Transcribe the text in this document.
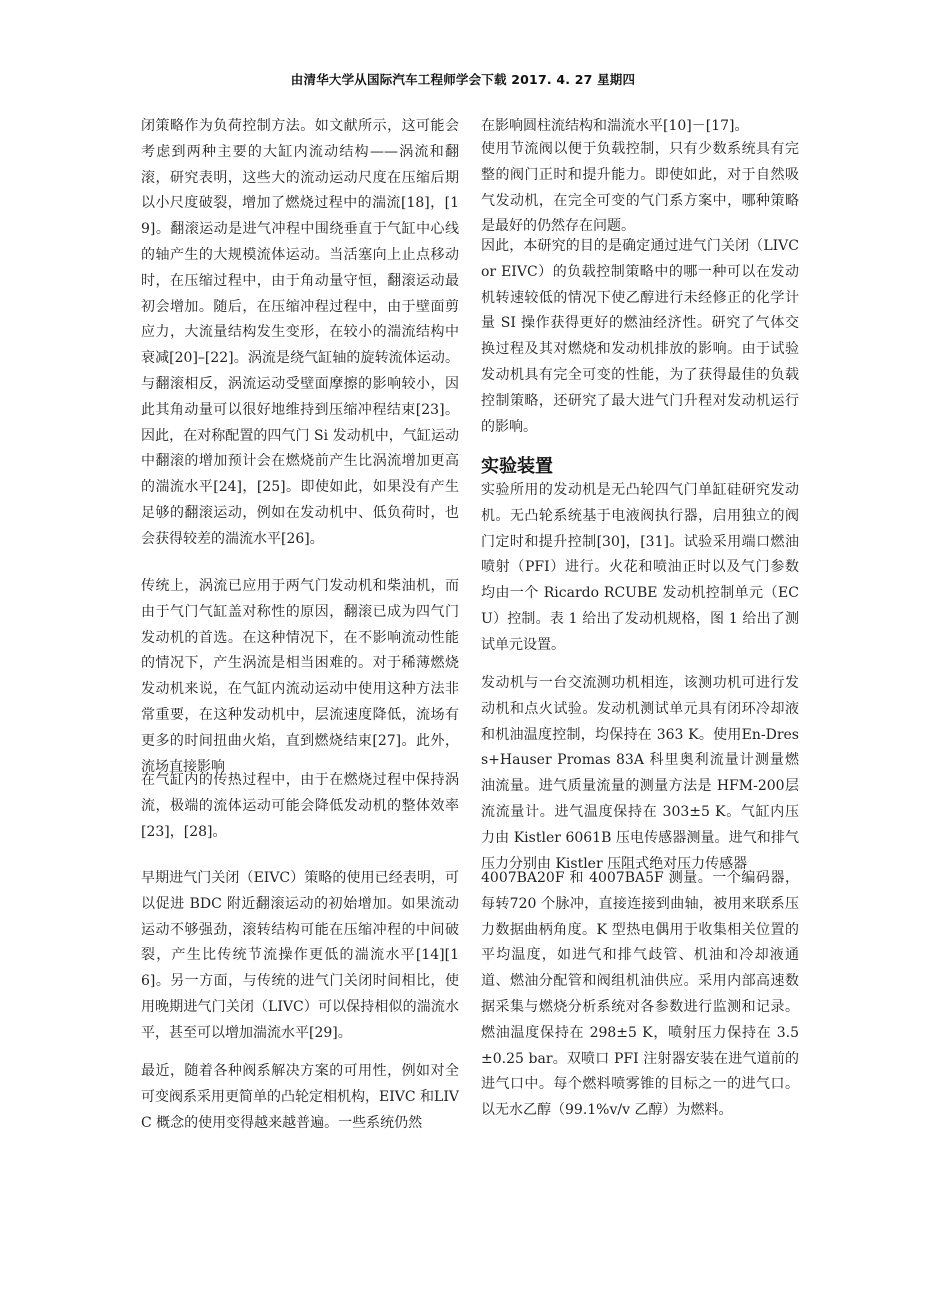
由清华大学从国际汽车工程师学会下载 2017. 4. 27 星期四

闭策略作为负荷控制方法。如文献所示，这可能会考虑到两种主要的大缸内流动结构——涡流和翻滚，研究表明，这些大的流动运动尺度在压缩后期以小尺度破裂，增加了燃烧过程中的湍流[18]，[19]。翻滚运动是进气冲程中围绕垂直于气缸中心线的轴产生的大规模流体运动。当活塞向上止点移动时，在压缩过程中，由于角动量守恒，翻滚运动最初会增加。随后，在压缩冲程过程中，由于壁面剪应力，大流量结构发生变形，在较小的湍流结构中衰减[20]–[22]。涡流是绕气缸轴的旋转流体运动。与翻滚相反，涡流运动受壁面摩擦的影响较小，因此其角动量可以很好地维持到压缩冲程结束[23]。因此，在对称配置的四气门 Si 发动机中，气缸运动中翻滚的增加预计会在燃烧前产生比涡流增加更高的湍流水平[24]，[25]。即使如此，如果没有产生足够的翻滚运动，例如在发动机中、低负荷时，也会获得较差的湍流水平[26]。

传统上，涡流已应用于两气门发动机和柴油机，而由于气门气缸盖对称性的原因，翻滚已成为四气门发动机的首选。在这种情况下，在不影响流动性能的情况下，产生涡流是相当困难的。对于稀薄燃烧发动机来说，在气缸内流动运动中使用这种方法非常重要，在这种发动机中，层流速度降低，流场有更多的时间扭曲火焰，直到燃烧结束[27]。此外，流场直接影响

在气缸内的传热过程中，由于在燃烧过程中保持涡流，极端的流体运动可能会降低发动机的整体效率[23]，[28]。

早期进气门关闭（EIVC）策略的使用已经表明，可以促进 BDC 附近翻滚运动的初始增加。如果流动运动不够强劲，滚转结构可能在压缩冲程的中间破裂，产生比传统节流操作更低的湍流水平[14][16]。另一方面，与传统的进气门关闭时间相比，使用晚期进气门关闭（LIVC）可以保持相似的湍流水平，甚至可以增加湍流水平[29]。

最近，随着各种阀系解决方案的可用性，例如对全可变阀系采用更简单的凸轮定相机构，EIVC 和LIVC 概念的使用变得越来越普遍。一些系统仍然

在影响圆柱流结构和湍流水平[10]－[17]。

使用节流阀以便于负载控制，只有少数系统具有完整的阀门正时和提升能力。即使如此，对于自然吸气发动机，在完全可变的气门系方案中，哪种策略是最好的仍然存在问题。

因此，本研究的目的是确定通过进气门关闭（LIVC or EIVC）的负载控制策略中的哪一种可以在发动机转速较低的情况下使乙醇进行未经修正的化学计量 SI 操作获得更好的燃油经济性。研究了气体交换过程及其对燃烧和发动机排放的影响。由于试验发动机具有完全可变的性能，为了获得最佳的负载控制策略，还研究了最大进气门升程对发动机运行的影响。

实验装置

实验所用的发动机是无凸轮四气门单缸硅研究发动机。无凸轮系统基于电液阀执行器，启用独立的阀门定时和提升控制[30]，[31]。试验采用端口燃油喷射（PFI）进行。火花和喷油正时以及气门参数均由一个 Ricardo RCUBE 发动机控制单元（ECU）控制。表 1 给出了发动机规格，图 1 给出了测试单元设置。

发动机与一台交流测功机相连，该测功机可进行发动机和点火试验。发动机测试单元具有闭环冷却液和机油温度控制，均保持在 363 K。使用En-Dress+Hauser Promas 83A 科里奥利流量计测量燃油流量。进气质量流量的测量方法是 HFM-200层流流量计。进气温度保持在 303±5 K。气缸内压力由 Kistler 6061B 压电传感器测量。进气和排气压力分别由 Kistler 压阻式绝对压力传感器

4007BA20F 和 4007BA5F 测量。一个编码器，每转720 个脉冲，直接连接到曲轴，被用来联系压力数据曲柄角度。K 型热电偶用于收集相关位置的平均温度，如进气和排气歧管、机油和冷却液通道、燃油分配管和阀组机油供应。采用内部高速数据采集与燃烧分析系统对各参数进行监测和记录。燃油温度保持在 298±5 K，喷射压力保持在 3.5±0.25 bar。双喷口 PFI 注射器安装在进气道前的进气口中。每个燃料喷雾锥的目标之一的进气口。以无水乙醇（99.1%v/v 乙醇）为燃料。
